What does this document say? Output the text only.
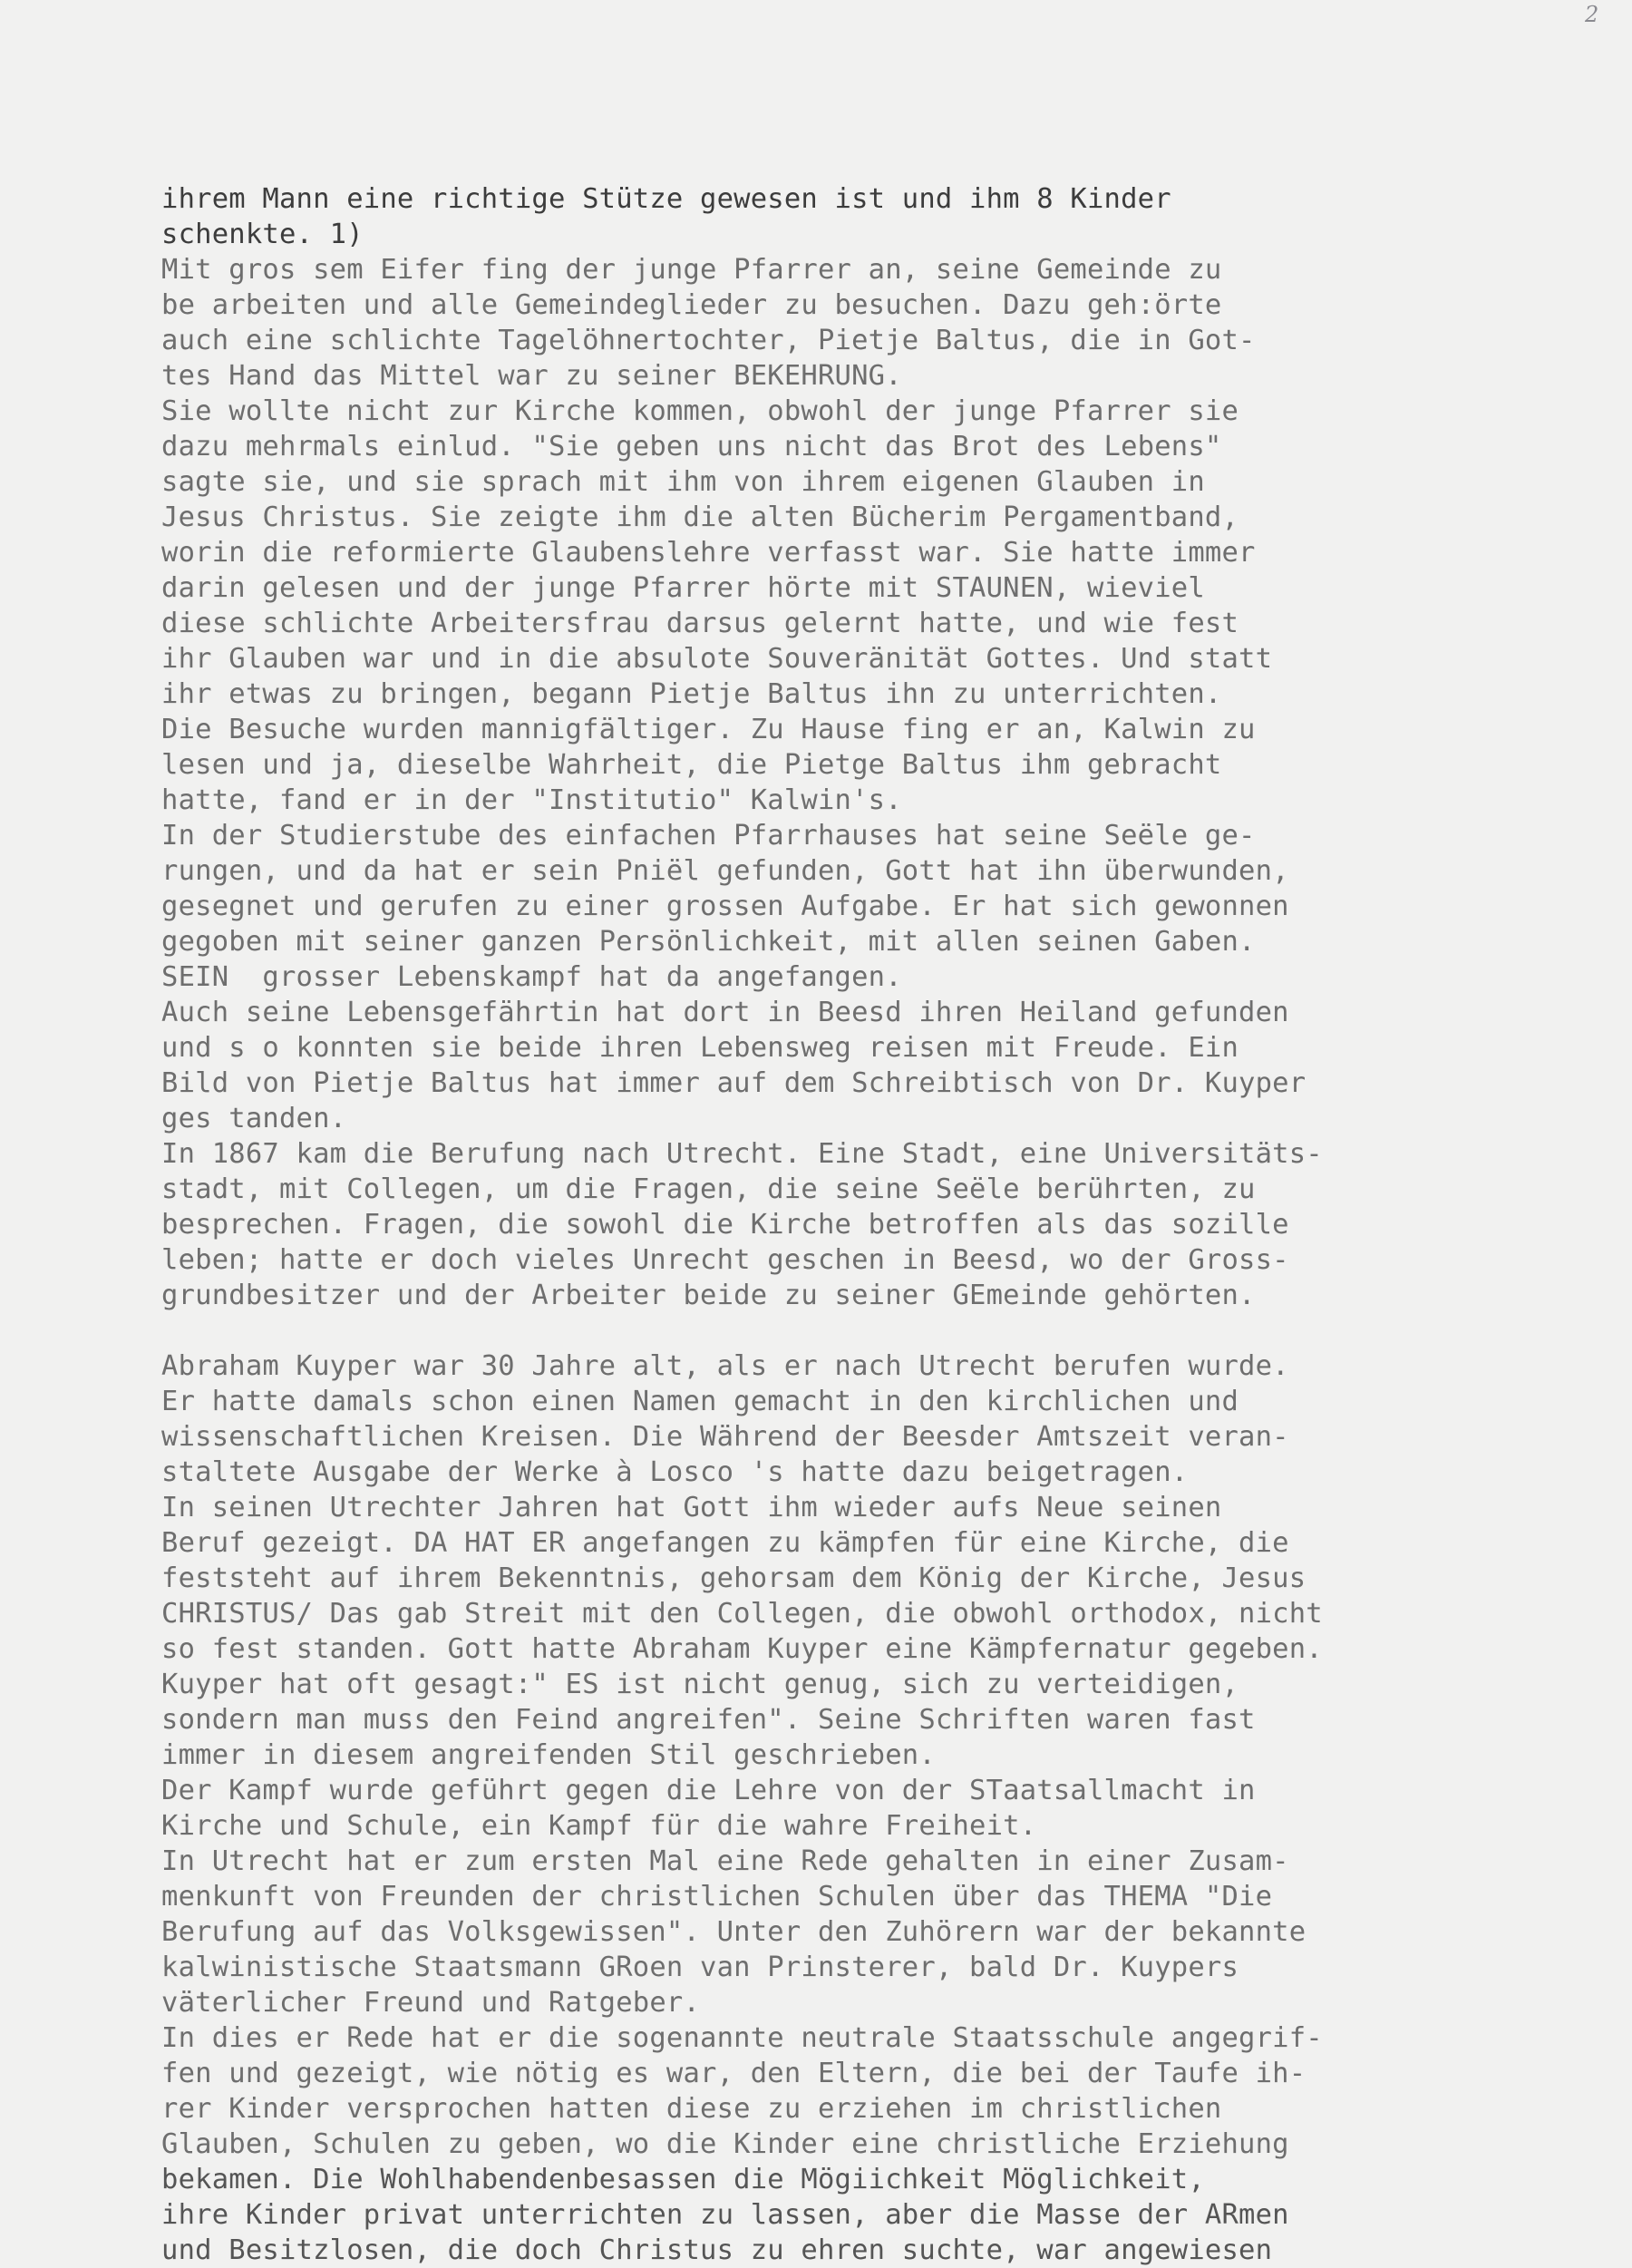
2
ihrem Mann eine richtige Stütze gewesen ist und ihm 8 Kinder
schenkte. 1)
Mit gros sem Eifer fing der junge Pfarrer an, seine Gemeinde zu
be arbeiten und alle Gemeindeglieder zu besuchen. Dazu geh:örte
auch eine schlichte Tagelöhnertochter, Pietje Baltus, die in Got-
tes Hand das Mittel war zu seiner BEKEHRUNG.
Sie wollte nicht zur Kirche kommen, obwohl der junge Pfarrer sie
dazu mehrmals einlud. "Sie geben uns nicht das Brot des Lebens"
sagte sie, und sie sprach mit ihm von ihrem eigenen Glauben in
Jesus Christus. Sie zeigte ihm die alten Bücherim Pergamentband,
worin die reformierte Glaubenslehre verfasst war. Sie hatte immer
darin gelesen und der junge Pfarrer hörte mit STAUNEN, wieviel
diese schlichte Arbeitersfrau darsus gelernt hatte, und wie fest
ihr Glauben war und in die absulote Souveränität Gottes. Und statt
ihr etwas zu bringen, begann Pietje Baltus ihn zu unterrichten.
Die Besuche wurden mannigfältiger. Zu Hause fing er an, Kalwin zu
lesen und ja, dieselbe Wahrheit, die Pietge Baltus ihm gebracht
hatte, fand er in der "Institutio" Kalwin's.
In der Studierstube des einfachen Pfarrhauses hat seine Seële ge-
rungen, und da hat er sein Pniël gefunden, Gott hat ihn überwunden,
gesegnet und gerufen zu einer grossen Aufgabe. Er hat sich gewonnen
gegoben mit seiner ganzen Persönlichkeit, mit allen seinen Gaben.
SEIN  grosser Lebenskampf hat da angefangen.
Auch seine Lebensgefährtin hat dort in Beesd ihren Heiland gefunden
und s o konnten sie beide ihren Lebensweg reisen mit Freude. Ein
Bild von Pietje Baltus hat immer auf dem Schreibtisch von Dr. Kuyper
ges tanden.
In 1867 kam die Berufung nach Utrecht. Eine Stadt, eine Universitäts-
stadt, mit Collegen, um die Fragen, die seine Seële berührten, zu
besprechen. Fragen, die sowohl die Kirche betroffen als das sozille
leben; hatte er doch vieles Unrecht geschen in Beesd, wo der Gross-
grundbesitzer und der Arbeiter beide zu seiner GEmeinde gehörten.
Abraham Kuyper war 30 Jahre alt, als er nach Utrecht berufen wurde.
Er hatte damals schon einen Namen gemacht in den kirchlichen und
wissenschaftlichen Kreisen. Die Während der Beesder Amtszeit veran-
staltete Ausgabe der Werke à Losco 's hatte dazu beigetragen.
In seinen Utrechter Jahren hat Gott ihm wieder aufs Neue seinen
Beruf gezeigt. DA HAT ER angefangen zu kämpfen für eine Kirche, die
feststeht auf ihrem Bekenntnis, gehorsam dem König der Kirche, Jesus
CHRISTUS/ Das gab Streit mit den Collegen, die obwohl orthodox, nicht
so fest standen. Gott hatte Abraham Kuyper eine Kämpfernatur gegeben.
Kuyper hat oft gesagt:" ES ist nicht genug, sich zu verteidigen,
sondern man muss den Feind angreifen". Seine Schriften waren fast
immer in diesem angreifenden Stil geschrieben.
Der Kampf wurde geführt gegen die Lehre von der STaatsallmacht in
Kirche und Schule, ein Kampf für die wahre Freiheit.
In Utrecht hat er zum ersten Mal eine Rede gehalten in einer Zusam-
menkunft von Freunden der christlichen Schulen über das THEMA "Die
Berufung auf das Volksgewissen". Unter den Zuhörern war der bekannte
kalwinistische Staatsmann GRoen van Prinsterer, bald Dr. Kuypers
väterlicher Freund und Ratgeber.
In dies er Rede hat er die sogenannte neutrale Staatsschule angegrif-
fen und gezeigt, wie nötig es war, den Eltern, die bei der Taufe ih-
rer Kinder versprochen hatten diese zu erziehen im christlichen
Glauben, Schulen zu geben, wo die Kinder eine christliche Erziehung
bekamen. Die Wohlhabendenbesassen die Mögiichkeit Möglichkeit,
ihre Kinder privat unterrichten zu lassen, aber die Masse der ARmen
und Besitzlosen, die doch Christus zu ehren suchte, war angewiesen
